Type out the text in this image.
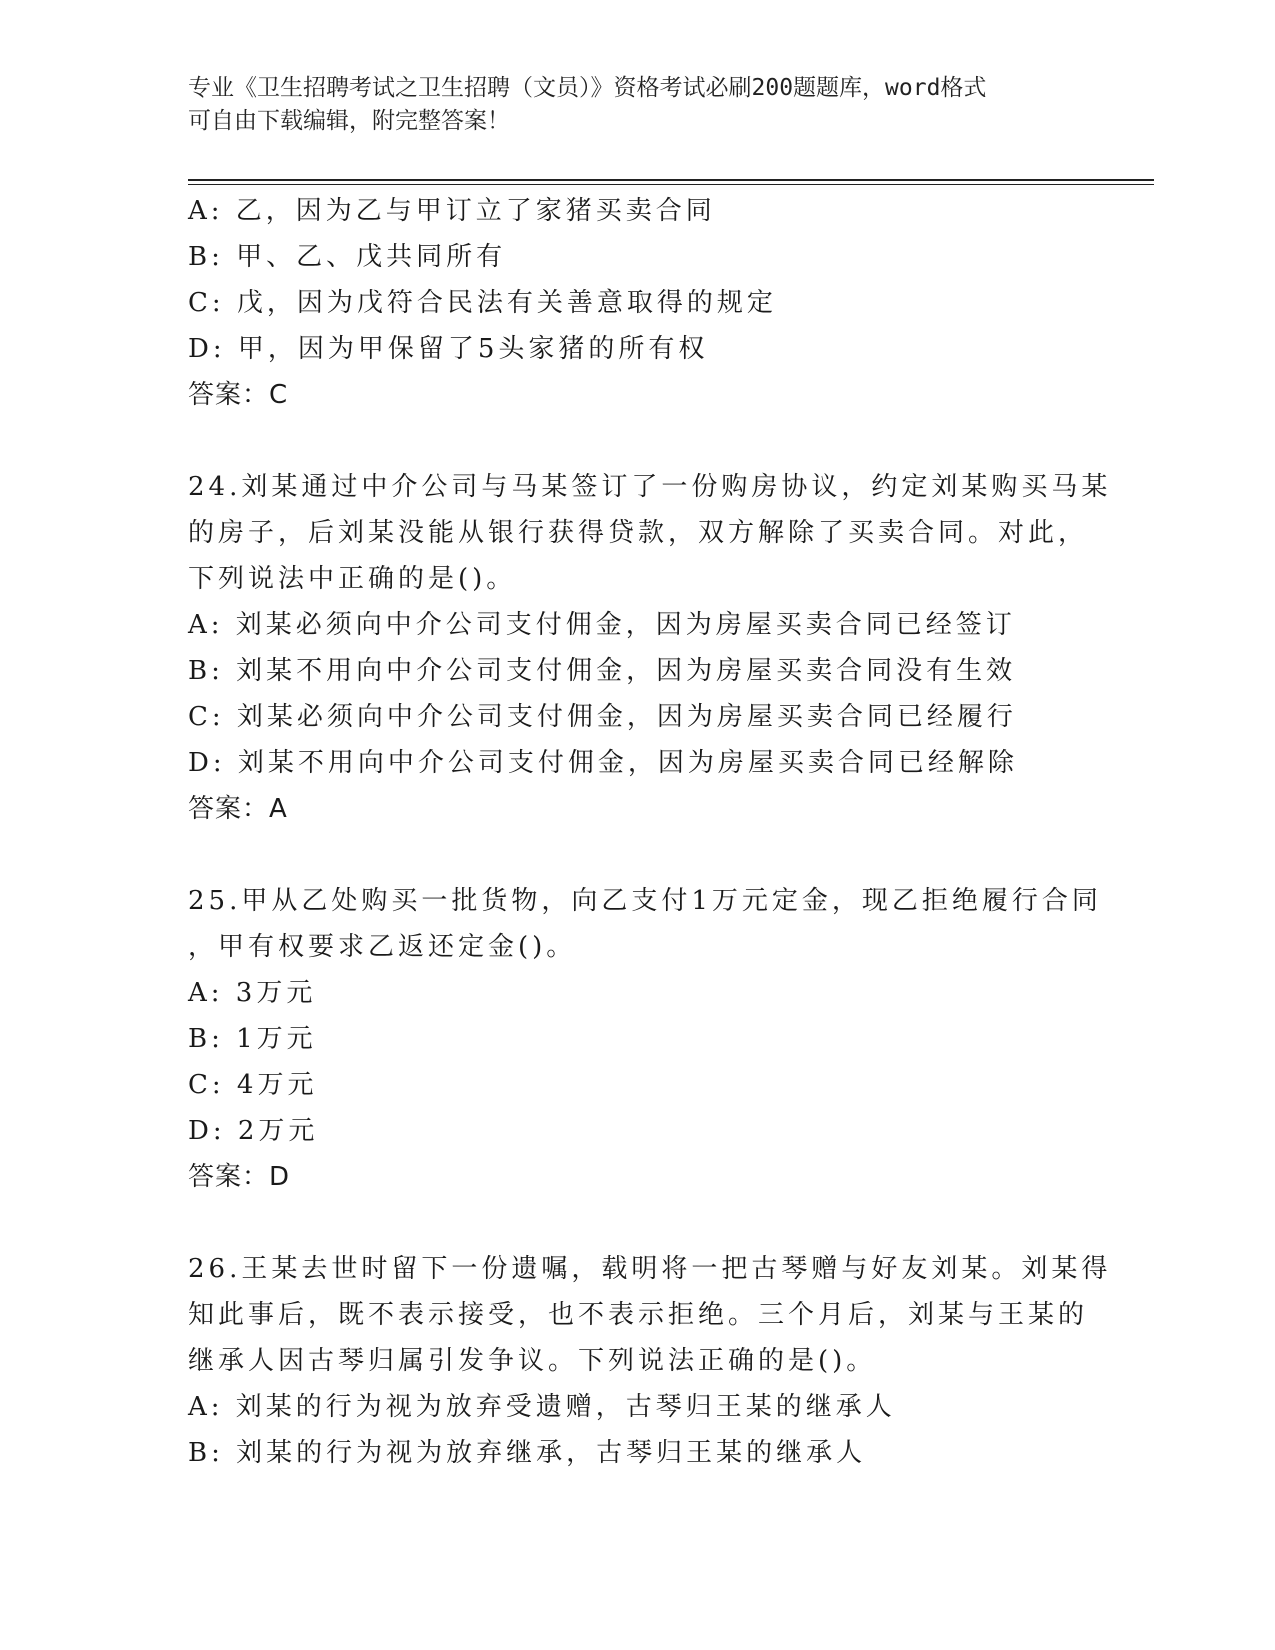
专业《卫生招聘考试之卫生招聘（文员）》资格考试必刷200题题库，word格式
可自由下载编辑，附完整答案！
A: 乙，因为乙与甲订立了家猪买卖合同
B: 甲、乙、戊共同所有
C: 戊，因为戊符合民法有关善意取得的规定
D: 甲，因为甲保留了5头家猪的所有权
答案：C
24.刘某通过中介公司与马某签订了一份购房协议，约定刘某购买马某
的房子，后刘某没能从银行获得贷款，双方解除了买卖合同。对此，
下列说法中正确的是()。
A: 刘某必须向中介公司支付佣金，因为房屋买卖合同已经签订
B: 刘某不用向中介公司支付佣金，因为房屋买卖合同没有生效
C: 刘某必须向中介公司支付佣金，因为房屋买卖合同已经履行
D: 刘某不用向中介公司支付佣金，因为房屋买卖合同已经解除
答案：A
25.甲从乙处购买一批货物，向乙支付1万元定金，现乙拒绝履行合同
，甲有权要求乙返还定金()。
A: 3万元
B: 1万元
C: 4万元
D: 2万元
答案：D
26.王某去世时留下一份遗嘱，载明将一把古琴赠与好友刘某。刘某得
知此事后，既不表示接受，也不表示拒绝。三个月后，刘某与王某的
继承人因古琴归属引发争议。下列说法正确的是()。
A: 刘某的行为视为放弃受遗赠，古琴归王某的继承人
B: 刘某的行为视为放弃继承，古琴归王某的继承人
